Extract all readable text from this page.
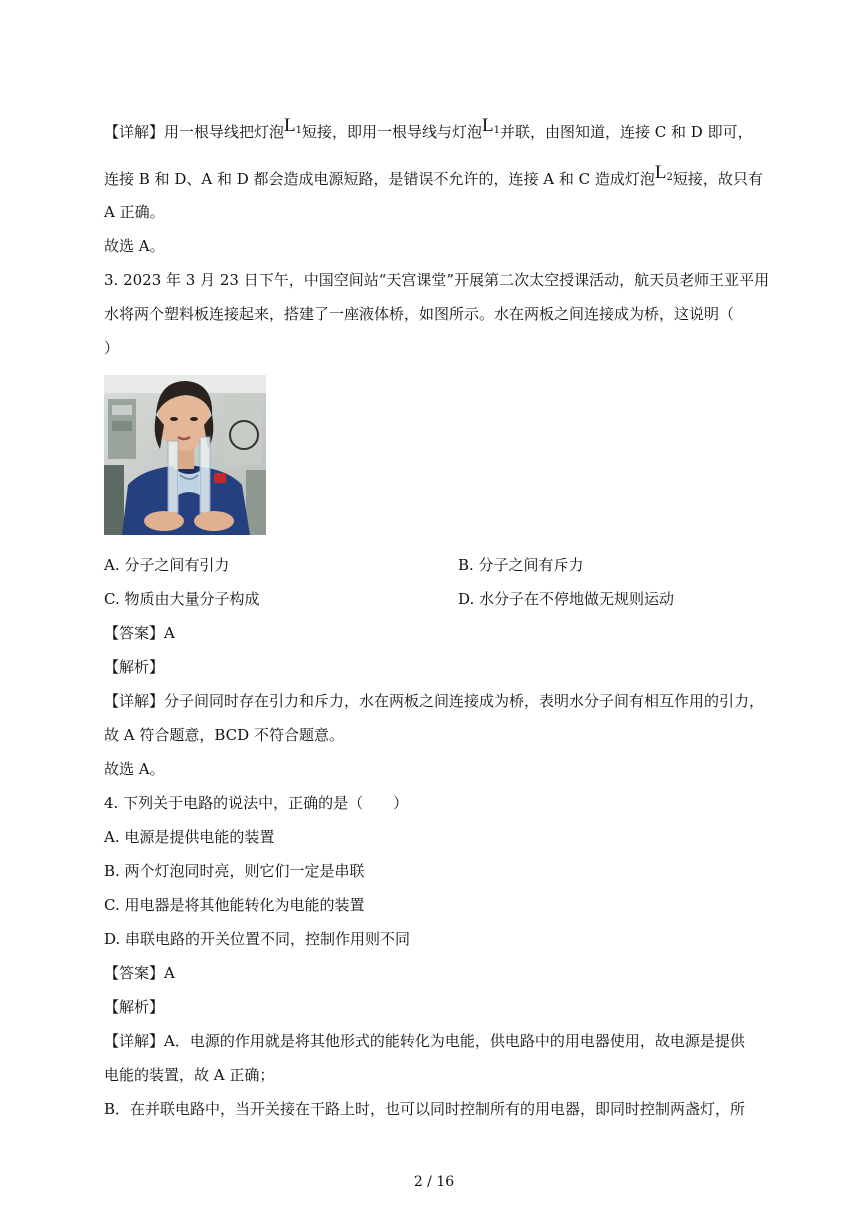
【详解】用一根导线把灯泡$L^1$短接，即用一根导线与灯泡$L^1$并联，由图知道，连接 C 和 D 即可，
连接 B 和 D、A 和 D 都会造成电源短路，是错误不允许的，连接 A 和 C 造成灯泡$L^2$短接，故只有
A 正确。
故选 A。
3. 2023 年 3 月 23 日下午，中国空间站“天宫课堂”开展第二次太空授课活动，航天员老师王亚平用
水将两个塑料板连接起来，搭建了一座液体桥，如图所示。水在两板之间连接成为桥，这说明（
）
A. 分子之间有引力	B. 分子之间有斥力
C. 物质由大量分子构成	D. 水分子在不停地做无规则运动
【答案】A
【解析】
【详解】分子间同时存在引力和斥力，水在两板之间连接成为桥，表明水分子间有相互作用的引力，
故 A 符合题意，BCD 不符合题意。
故选 A。
4. 下列关于电路的说法中，正确的是（　　）
A. 电源是提供电能的装置
B. 两个灯泡同时亮，则它们一定是串联
C. 用电器是将其他能转化为电能的装置
D. 串联电路的开关位置不同，控制作用则不同
【答案】A
【解析】
【详解】A．电源的作用就是将其他形式的能转化为电能，供电路中的用电器使用，故电源是提供
电能的装置，故 A 正确；
B．在并联电路中，当开关接在干路上时，也可以同时控制所有的用电器，即同时控制两盏灯，所
2 / 16
